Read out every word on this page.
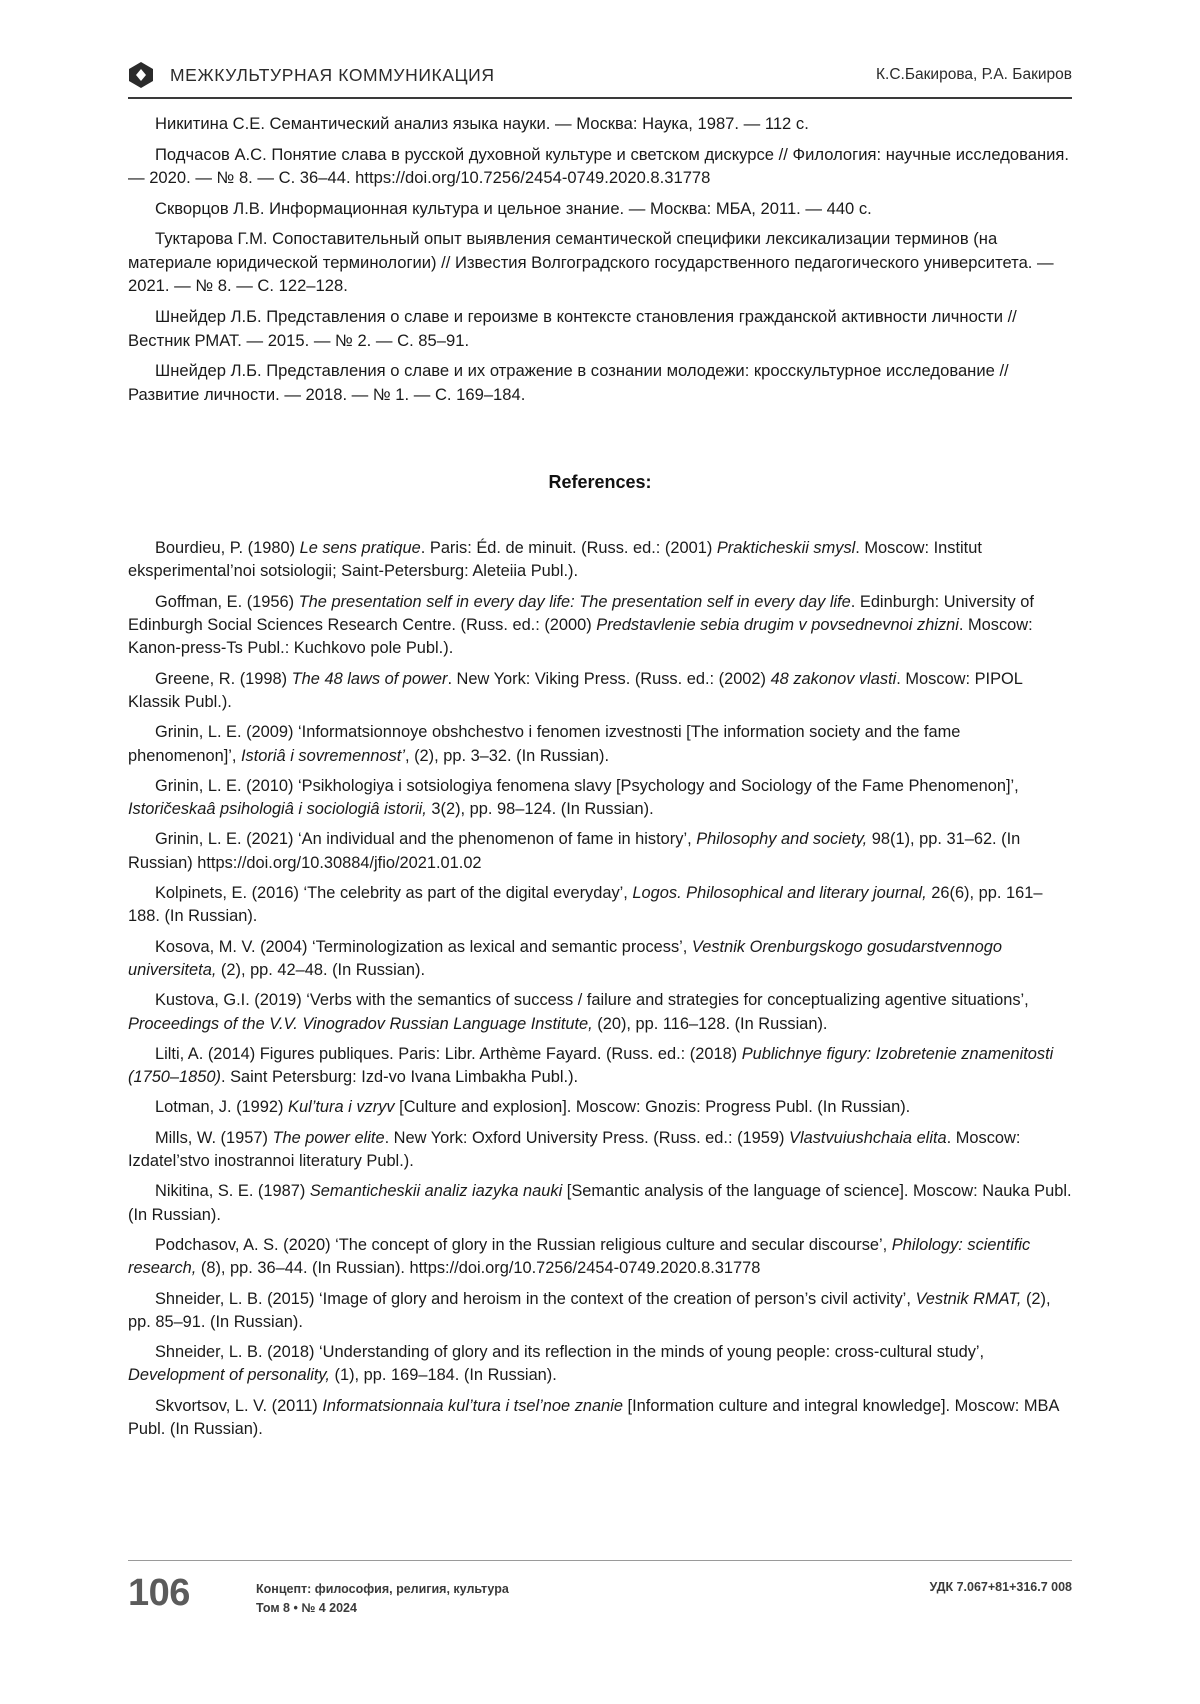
МЕЖКУЛЬТУРНАЯ КОММУНИКАЦИЯ	К.С.Бакирова, Р.А. Бакиров

Никитина С.Е. Семантический анализ языка науки. — Москва: Наука, 1987. — 112 с.

Подчасов А.С. Понятие слава в русской духовной культуре и светском дискурсе // Филология: научные исследования. — 2020. — № 8. — С. 36–44. https://doi.org/10.7256/2454-0749.2020.8.31778

Скворцов Л.В. Информационная культура и цельное знание. — Москва: МБА, 2011. — 440 с.

Туктарова Г.М. Сопоставительный опыт выявления семантической специфики лексикализации терминов (на материале юридической терминологии) // Известия Волгоградского государственного педагогического университета. — 2021. — № 8. — С. 122–128.

Шнейдер Л.Б. Представления о славе и героизме в контексте становления гражданской активности личности // Вестник РМАТ. — 2015. — № 2. — С. 85–91.

Шнейдер Л.Б. Представления о славе и их отражение в сознании молодежи: кросскультурное исследование // Развитие личности. — 2018. — № 1. — С. 169–184.

References:

Bourdieu, P. (1980) Le sens pratique. Paris: Éd. de minuit. (Russ. ed.: (2001) Prakticheskii smysl. Moscow: Institut eksperimental’noi sotsiologii; Saint-Petersburg: Aleteiia Publ.).

Goffman, E. (1956) The presentation self in every day life: The presentation self in every day life. Edinburgh: University of Edinburgh Social Sciences Research Centre. (Russ. ed.: (2000) Predstavlenie sebia drugim v povsednevnoi zhizni. Moscow: Kanon-press-Ts Publ.: Kuchkovo pole Publ.).

Greene, R. (1998) The 48 laws of power. New York: Viking Press. (Russ. ed.: (2002) 48 zakonov vlasti. Moscow: PIPOL Klassik Publ.).

Grinin, L. E. (2009) ‘Informatsionnoye obshchestvo i fenomen izvestnosti [The information society and the fame phenomenon]’, Istoriâ i sovremennost’, (2), pp. 3–32. (In Russian).

Grinin, L. E. (2010) ‘Psikhologiya i sotsiologiya fenomena slavy [Psychology and Sociology of the Fame Phenomenon]’, Istoričeskaâ psihologiâ i sociologiâ istorii, 3(2), pp. 98–124. (In Russian).

Grinin, L. E. (2021) ‘An individual and the phenomenon of fame in history’, Philosophy and society, 98(1), pp. 31–62. (In Russian) https://doi.org/10.30884/jfio/2021.01.02

Kolpinets, E. (2016) ‘The celebrity as part of the digital everyday’, Logos. Philosophical and literary journal, 26(6), pp. 161–188. (In Russian).

Kosova, M. V. (2004) ‘Terminologization as lexical and semantic process’, Vestnik Orenburgskogo gosudarstvennogo universiteta, (2), pp. 42–48. (In Russian).

Kustova, G.I. (2019) ‘Verbs with the semantics of success / failure and strategies for conceptualizing agentive situations’, Proceedings of the V.V. Vinogradov Russian Language Institute, (20), pp. 116–128. (In Russian).

Lilti, A. (2014) Figures publiques. Paris: Libr. Arthème Fayard. (Russ. ed.: (2018) Publichnye figury: Izobretenie znamenitosti (1750–1850). Saint Petersburg: Izd-vo Ivana Limbakha Publ.).

Lotman, J. (1992) Kul’tura i vzryv [Culture and explosion]. Moscow: Gnozis: Progress Publ. (In Russian).

Mills, W. (1957) The power elite. New York: Oxford University Press. (Russ. ed.: (1959) Vlastvuiushchaia elita. Moscow: Izdatel’stvo inostrannoi literatury Publ.).

Nikitina, S. E. (1987) Semanticheskii analiz iazyka nauki [Semantic analysis of the language of science]. Moscow: Nauka Publ. (In Russian).

Podchasov, A. S. (2020) ‘The concept of glory in the Russian religious culture and secular discourse’, Philology: scientific research, (8), pp. 36–44. (In Russian). https://doi.org/10.7256/2454-0749.2020.8.31778

Shneider, L. B. (2015) ‘Image of glory and heroism in the context of the creation of person’s civil activity’, Vestnik RMAT, (2), pp. 85–91. (In Russian).

Shneider, L. B. (2018) ‘Understanding of glory and its reflection in the minds of young people: cross-cultural study’, Development of personality, (1), pp. 169–184. (In Russian).

Skvortsov, L. V. (2011) Informatsionnaia kul’tura i tsel’noe znanie [Information culture and integral knowledge]. Moscow: MBA Publ. (In Russian).

106	Концепт: философия, религия, культура
Том 8 • № 4 2024
УДК 7.067+81+316.7 008
